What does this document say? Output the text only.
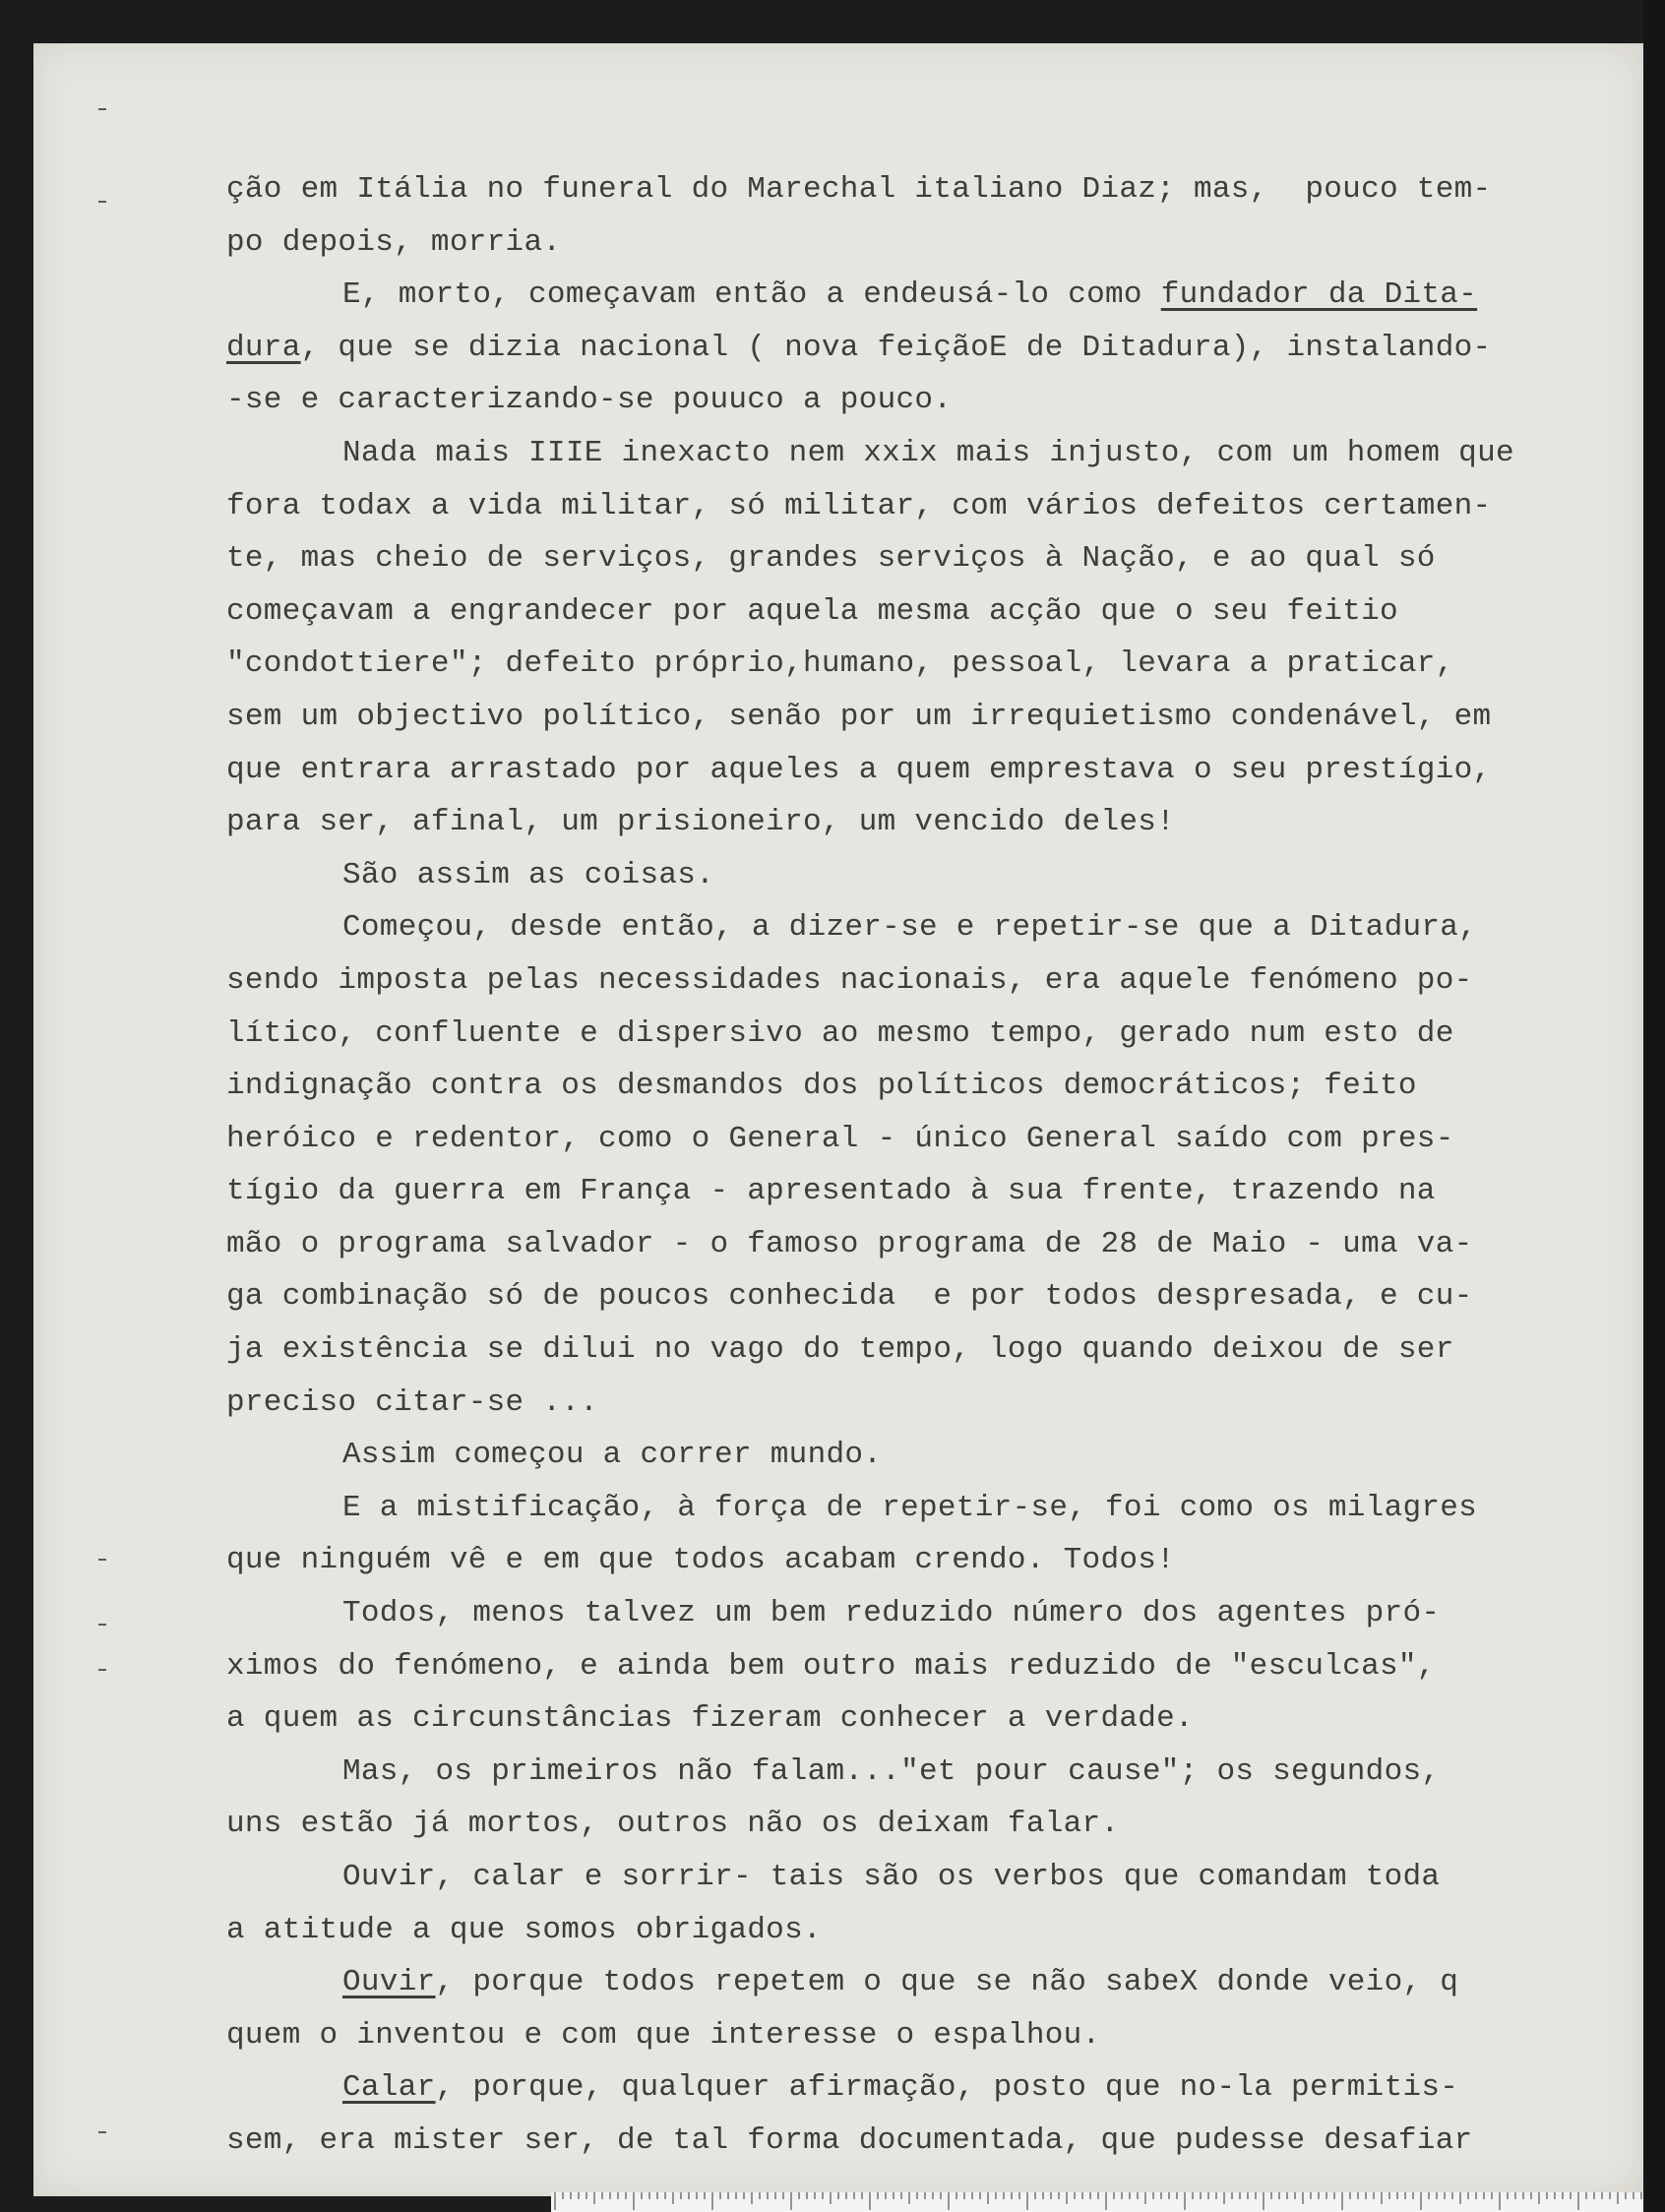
ção em Itália no funeral do Marechal italiano Diaz; mas,  pouco tem-
po depois, morria.
E, morto, começavam então a endeusá-lo como fundador da Dita-
dura, que se dizia nacional ( nova feiçãoE de Ditadura), instalando-
-se e caracterizando-se pouuco a pouco.
Nada mais IIIE inexacto nem xxix mais injusto, com um homem que
fora todax a vida militar, só militar, com vários defeitos certamen-
te, mas cheio de serviços, grandes serviços à Nação, e ao qual só
começavam a engrandecer por aquela mesma acção que o seu feitio
"condottiere"; defeito próprio,humano, pessoal, levara a praticar,
sem um objectivo político, senão por um irrequietismo condenável, em
que entrara arrastado por aqueles a quem emprestava o seu prestígio,
para ser, afinal, um prisioneiro, um vencido deles!
São assim as coisas.
Começou, desde então, a dizer-se e repetir-se que a Ditadura,
sendo imposta pelas necessidades nacionais, era aquele fenómeno po-
lítico, confluente e dispersivo ao mesmo tempo, gerado num esto de
indignação contra os desmandos dos políticos democráticos; feito
heróico e redentor, como o General - único General saído com pres-
tígio da guerra em França - apresentado à sua frente, trazendo na
mão o programa salvador - o famoso programa de 28 de Maio - uma va-
ga combinação só de poucos conhecida  e por todos despresada, e cu-
ja existência se dilui no vago do tempo, logo quando deixou de ser
preciso citar-se ...
Assim começou a correr mundo.
E a mistificação, à força de repetir-se, foi como os milagres
que ninguém vê e em que todos acabam crendo. Todos!
Todos, menos talvez um bem reduzido número dos agentes pró-
ximos do fenómeno, e ainda bem outro mais reduzido de "esculcas",
a quem as circunstâncias fizeram conhecer a verdade.
Mas, os primeiros não falam..."et pour cause"; os segundos,
uns estão já mortos, outros não os deixam falar.
Ouvir, calar e sorrir- tais são os verbos que comandam toda
a atitude a que somos obrigados.
Ouvir, porque todos repetem o que se não sabeX donde veio, q
quem o inventou e com que interesse o espalhou.
Calar, porque, qualquer afirmação, posto que no-la permitis-
sem, era mister ser, de tal forma documentada, que pudesse desafiar
